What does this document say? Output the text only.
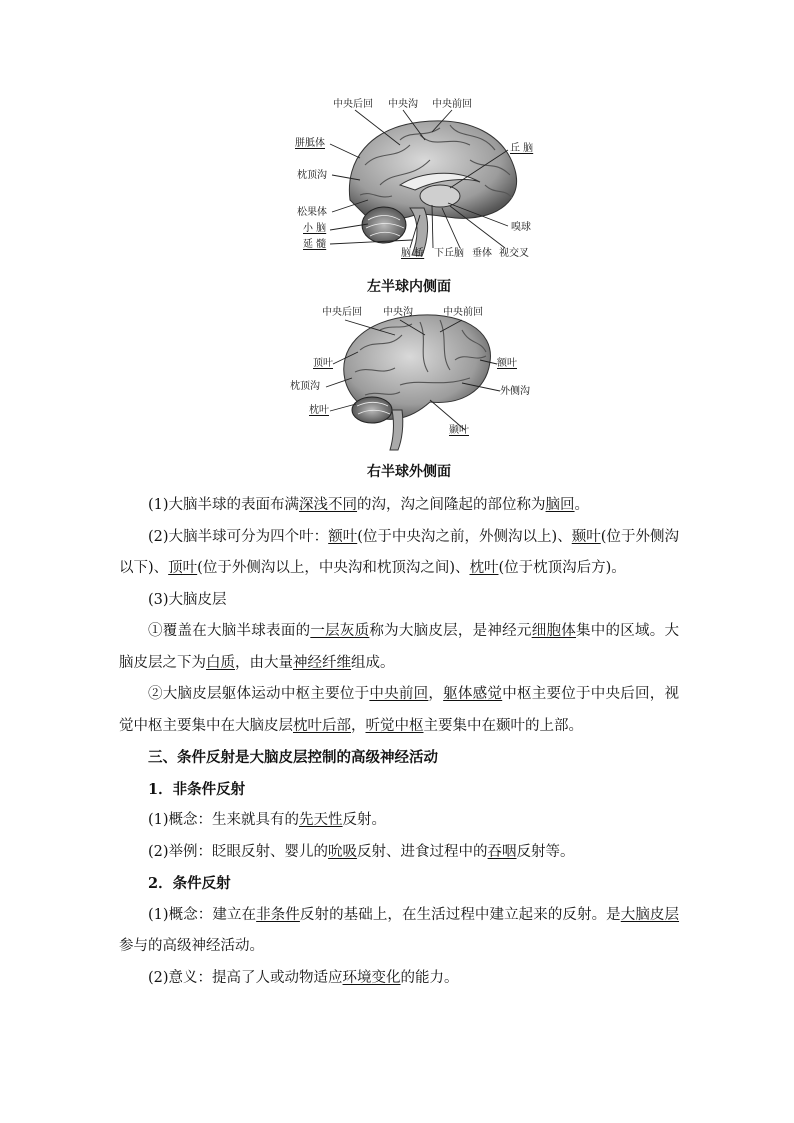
中央后回 中央沟 中央前回
胼胝体	丘 脑
枕顶沟
松果体
嗅球
小 脑
延 髓
脑 桥 下丘脑 垂体 视交叉
左半球内侧面
中央后回 中央沟	中央前回
顶叶	额叶
枕顶沟	外侧沟
枕叶
颞叶
右半球外侧面

(1)大脑半球的表面布满深浅不同的沟，沟之间隆起的部位称为脑回。

(2)大脑半球可分为四个叶：额叶(位于中央沟之前，外侧沟以上)、颞叶(位于外侧沟以下)、顶叶(位于外侧沟以上，中央沟和枕顶沟之间)、枕叶(位于枕顶沟后方)。

(3)大脑皮层

①覆盖在大脑半球表面的一层灰质称为大脑皮层，是神经元细胞体集中的区域。大脑皮层之下为白质，由大量神经纤维组成。

②大脑皮层躯体运动中枢主要位于中央前回，躯体感觉中枢主要位于中央后回，视觉中枢主要集中在大脑皮层枕叶后部，听觉中枢主要集中在颞叶的上部。

三、条件反射是大脑皮层控制的高级神经活动

1．非条件反射

(1)概念：生来就具有的先天性反射。

(2)举例：眨眼反射、婴儿的吮吸反射、进食过程中的吞咽反射等。

2．条件反射

(1)概念：建立在非条件反射的基础上，在生活过程中建立起来的反射。是大脑皮层参与的高级神经活动。

(2)意义：提高了人或动物适应环境变化的能力。
